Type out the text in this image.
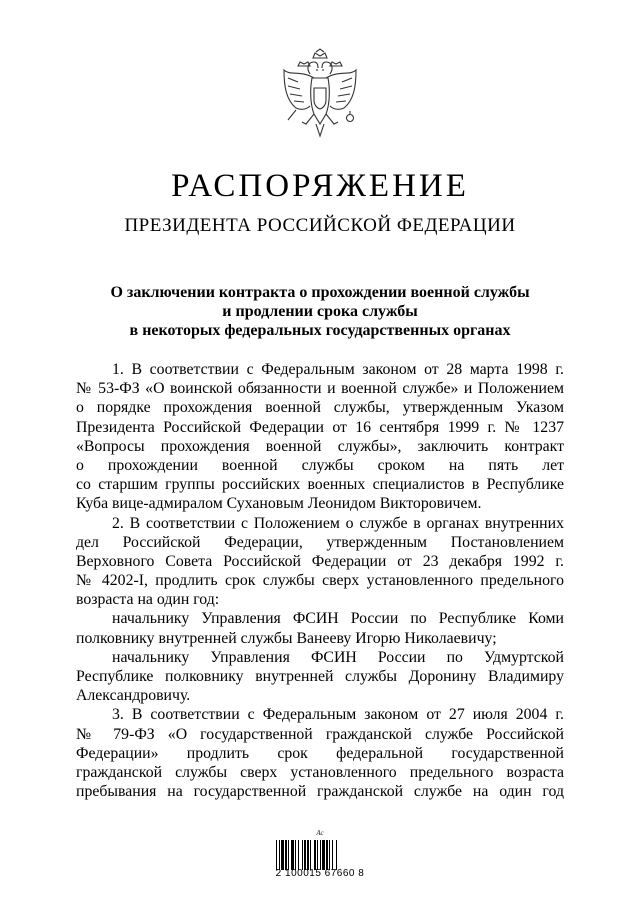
РАСПОРЯЖЕНИЕ
ПРЕЗИДЕНТА РОССИЙСКОЙ ФЕДЕРАЦИИ
О заключении контракта о прохождении военной службы
и продлении срока службы
в некоторых федеральных государственных органах
1. В соответствии с Федеральным законом от 28 марта 1998 г.
№ 53-ФЗ «О воинской обязанности и военной службе» и Положением
о порядке прохождения военной службы, утвержденным Указом
Президента Российской Федерации от 16 сентября 1999 г. № 1237
«Вопросы прохождения военной службы», заключить контракт
о прохождении военной службы сроком на пять лет
со старшим группы российских военных специалистов в Республике
Куба вице-адмиралом Сухановым Леонидом Викторовичем.
2. В соответствии с Положением о службе в органах внутренних
дел Российской Федерации, утвержденным Постановлением
Верховного Совета Российской Федерации от 23 декабря 1992 г.
№ 4202-I, продлить срок службы сверх установленного предельного
возраста на один год:
начальнику Управления ФСИН России по Республике Коми
полковнику внутренней службы Ванееву Игорю Николаевичу;
начальнику Управления ФСИН России по Удмуртской
Республике полковнику внутренней службы Доронину Владимиру
Александровичу.
3. В соответствии с Федеральным законом от 27 июля 2004 г.
№ 79-ФЗ «О государственной гражданской службе Российской
Федерации» продлить срок федеральной государственной
гражданской службы сверх установленного предельного возраста
пребывания на государственной гражданской службе на один год
Ас
2 100015 67660 8
